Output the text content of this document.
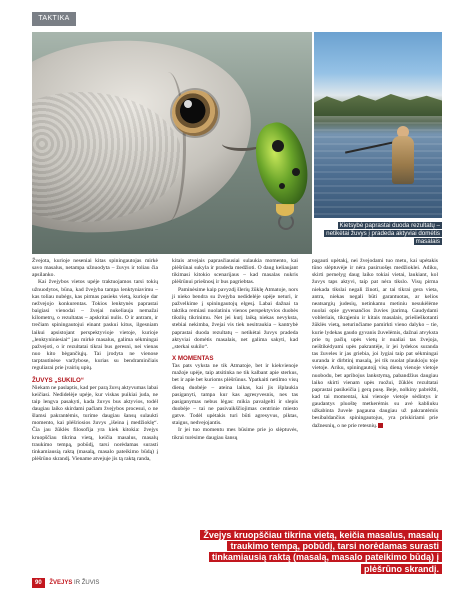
TAKTIKA
Kietsybė paprastai duoda rezultatų – netikėtai žuvys į pradeda aktyviai domėtis masalais

Žvejota, kurioje neseniai kitas spiningautojas mirkė savo masalus, netampa užnuodyta – žuvys ir toliau čia apsilanko.

Kai žvejybos vietos upėje traktuojamos tarsi tokių užnuodytos, būna, kad žvejyba tampa lenktyniavimu – kas toliau nubėgs, kas pirmas pasieks vietą, kurioje dar nežvejojo konkurentas. Tokios lenktynės paprastai baigiasi vienodai – žvejai nukeliauja nemažai kilometrų, o rezultatas – apskritai nulis. O ir antram, ir trečiam spiningautojui einant paskui kitus, ilgesniam laikui apsistojant perspektyvioje vietoje, kurioje „lenktyniniesiai“ jau mirkė masalus, galima sėkmingai pažvejoti, o ir rezultatai tikrai bus geresni, nei vienas nuo kito bėgančiųjų. Tai įrodyta ne vienose tarptautinėse varžybose, kurias su bendraminčiais reguliarai prie įvairių upių.

ŽUVYS „SUKILO“

Niekam ne paslaptis, kad per parą žuvų aktyvumas labai keičiasi. Nedidelėje upėje, kur viskas puikiai juda, ne taip lengva pasakyti, kada žuvys bus aktyvios, todėl daugiau laiko skirdami pačiam žvejybos procesui, o ne šlamsi pakrantėmis, turime daugiau šansų sulaukti momento, kai plėšriosios žuvys „išeina į medžioklę“. Čia jau žūklės filosofija yra kiek kitokia: žvejys kruopščiau tikrina vietą, keičia masalus, masalų traukimo tempą, pobūdį, tarsi norėdamas surasti tinkamiausią raktą (masalą, masalo pateikimo būdą) į plėšrūno skrandį. Viename atvejuje jis tą raktą randa,

kitais atvejais paprasčiausiai sulaukia momento, kai plėšrūnai sukyla ir pradeda medžioti. O daug keliaujant tikimasi kitokio scenarijaus – kad masalas nukris plėšrūnui priešnosį ir bus pagriebtas.

Paminėsime kaip pavyzdį šlerių žūklę Atmatoje, nors ji nieko bendra su žvejyba nedidelėje upėje neturi, ir pažvelkime į spiningautojų elgesį. Labai dažnai ta taktika remiasi nuolatiniu vienos perspektyvios duobės tikslių tikrinimu. Net jei kurį laiką niekas nevyksta, stebiai nekimba, žvejai vis tiek nesitraukia – kantrybė paprastai duoda rezultatų – netikėtai žuvys pradeda aktyviai domėtis masalais, net galima sakyti, kad „sterkai sukilo“.

X MOMENTAS

Tas pats vyksta ne tik Atmatoje, bet ir kiekvienoje mažoje upėje, taip atsitinka ne tik kalbant apie sterkus, bet ir apie bet kurioms plėšrūnus. Ypatkaiti netilmo visų dieną duobėje – ateina laikas, kai jis išplaukia pasiganyti, tampa kur kas agresyvesnis, nes tas pasiganymas nebus lėgas: mikia pavalgelti ir slepis duobėje – tai ne pasivaikščiojimas centrinie miesto gatve. Todėl upėtakis turi būti agresyvus, piktas, staigus, nedvejojantis.

Ir jei tuo momentu mes būsime prie jo slėptuvės, tikrai turėsime daugiau šansų

pagauti upėtakį, nei žvejodami tuo metu, kai upėtakis tūno slėptuvėje ir nėra pasiruošęs medžioklei. Adiku, skirti pernelyg daug laiko tokiai vietai, laukiant, kol žuvys taps aktyvi, taip pat nėra tikslo. Visų pirma niekada tikslai negali žinoti, ar tai tikrai gera vieta, antra, niekas negali būti garantuotas, ar kelios neatsargių judesių, netinkamu metiniu nesukėlėme nuolai opie gyvenančios žuvies įtarimą. Gaudydami vobleriais, tikrąjeniu ir kitais masalais, priešieškotanti žūklės vietą, neturinčiame pamirkti vieno dalyko – tie, kurie lydekas gaudo gyvanis žuvelėmis, dažnai atvyksta prie tų pačių upės vietų ir nualiai tas žvejoja, neištikėdyami upės pakrantėje, ir jei lydekos suranda tas žuveles ir jas griebia, joi lygiai taip pat sėkmingai suranda ir dirbtinį masalą, jei tik nuolat plaukioju toje vietoje. Ariku, spiningautojį visą dieną vienoje vietoje nuobodu, bet apribojus lankstymą, pabandžius daugiau laiko skirti vienam upės ruožui, žūklės rezultatai paprastai pasikeičia į gerą pusę. Beje, nolkiny pabrėžti, kad tai momentai, kai vienoje vietoje sėdintys ir gaudantys pluoštę metkerėmis su avė kabliuku užkabinta žuvele pagauna daugiau už pakrantėmis besibaldančius spiningautojus, yra priskiriami prie dažnesnių, o ne prie retesnių.

Žvejys kruopščiau tikrina vietą, keičia masalus, masalų traukimo tempą, pobūdį, tarsi norėdamas surasti tinkamiausią raktą (masalą, masalo pateikimo būdą) į plėšrūno skrandį.
90 ŽVEJYS IR ŽUVIS
